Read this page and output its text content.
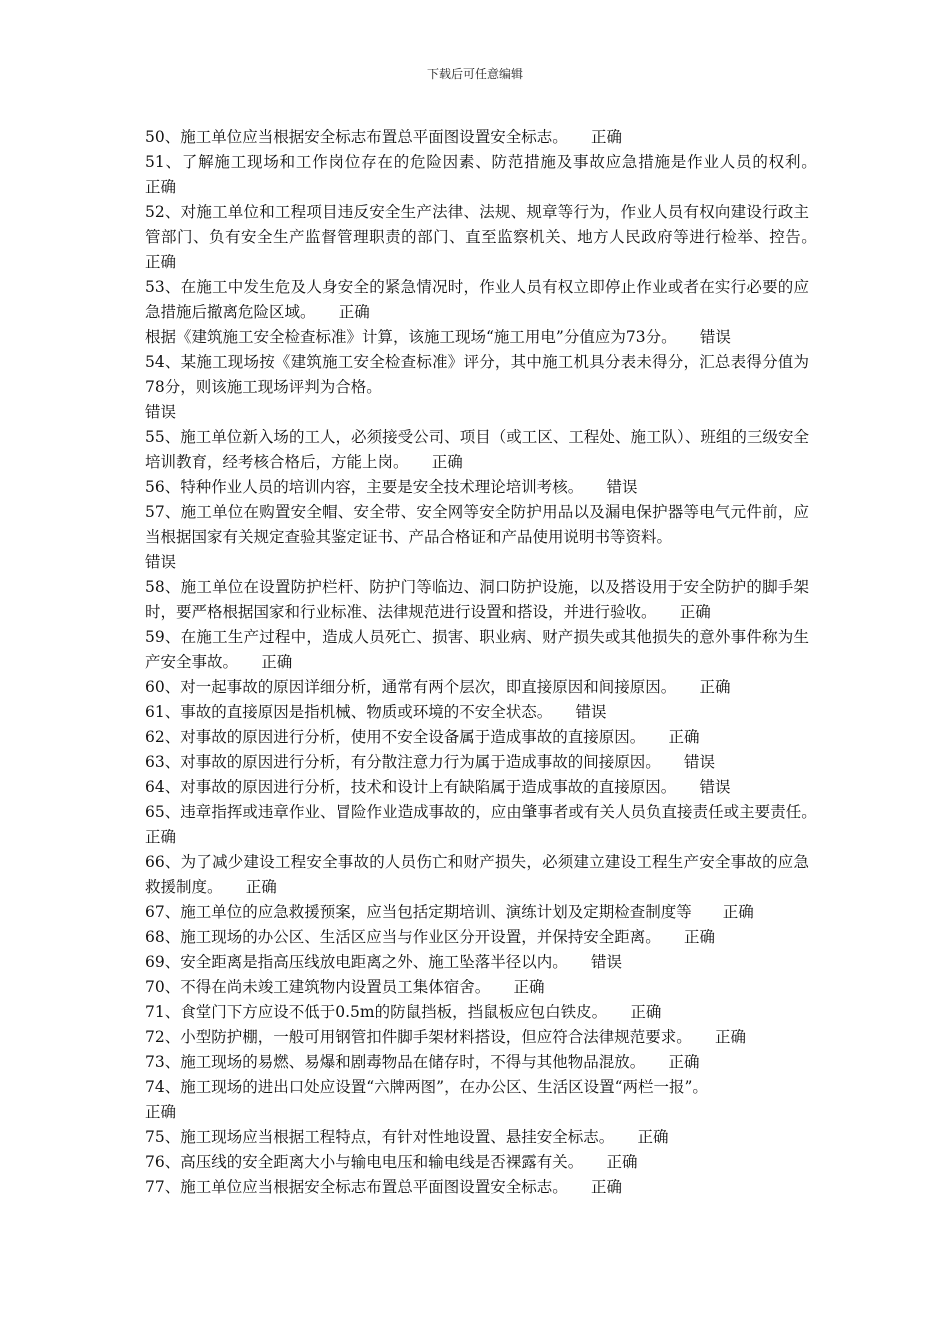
下载后可任意编辑
50、施工单位应当根据安全标志布置总平面图设置安全标志。　　 正确
51、了解施工现场和工作岗位存在的危险因素、防范措施及事故应急措施是作业人员的权利。　　正确
52、对施工单位和工程项目违反安全生产法律、法规、规章等行为，作业人员有权向建设行政主管部门、负有安全生产监督管理职责的部门、直至监察机关、地方人民政府等进行检举、控告。　　正确
53、在施工中发生危及人身安全的紧急情况时，作业人员有权立即停止作业或者在实行必要的应急措施后撤离危险区域。　　 正确
根据《建筑施工安全检查标准》计算，该施工现场“施工用电”分值应为73分。　　 错误
54、某施工现场按《建筑施工安全检查标准》评分，其中施工机具分表未得分，汇总表得分值为78分，则该施工现场评判为合格。
错误
55、施工单位新入场的工人，必须接受公司、项目（或工区、工程处、施工队）、班组的三级安全培训教育，经考核合格后，方能上岗。　　 正确
56、特种作业人员的培训内容，主要是安全技术理论培训考核。　　 错误
57、施工单位在购置安全帽、安全带、安全网等安全防护用品以及漏电保护器等电气元件前，应当根据国家有关规定查验其鉴定证书、产品合格证和产品使用说明书等资料。
错误
58、施工单位在设置防护栏杆、防护门等临边、洞口防护设施，以及搭设用于安全防护的脚手架时，要严格根据国家和行业标准、法律规范进行设置和搭设，并进行验收。　　 正确
59、在施工生产过程中，造成人员死亡、损害、职业病、财产损失或其他损失的意外事件称为生产安全事故。　　 正确
60、对一起事故的原因详细分析，通常有两个层次，即直接原因和间接原因。　　 正确
61、事故的直接原因是指机械、物质或环境的不安全状态。　　 错误
62、对事故的原因进行分析，使用不安全设备属于造成事故的直接原因。　　 正确
63、对事故的原因进行分析，有分散注意力行为属于造成事故的间接原因。　　 错误
64、对事故的原因进行分析，技术和设计上有缺陷属于造成事故的直接原因。　　 错误
65、违章指挥或违章作业、冒险作业造成事故的，应由肇事者或有关人员负直接责任或主要责任。　　正确
66、为了减少建设工程安全事故的人员伤亡和财产损失，必须建立建设工程生产安全事故的应急救援制度。　　 正确
67、施工单位的应急救援预案，应当包括定期培训、演练计划及定期检查制度等　　 正确
68、施工现场的办公区、生活区应当与作业区分开设置，并保持安全距离。　　 正确
69、安全距离是指高压线放电距离之外、施工坠落半径以内。　　 错误
70、不得在尚未竣工建筑物内设置员工集体宿舍。　　 正确
71、食堂门下方应设不低于0.5m的防鼠挡板，挡鼠板应包白铁皮。　　 正确
72、小型防护棚，一般可用钢管扣件脚手架材料搭设，但应符合法律规范要求。　　 正确
73、施工现场的易燃、易爆和剧毒物品在储存时，不得与其他物品混放。　　 正确
74、施工现场的进出口处应设置“六牌两图”，在办公区、生活区设置“两栏一报”。
正确
75、施工现场应当根据工程特点，有针对性地设置、悬挂安全标志。　　 正确
76、高压线的安全距离大小与输电电压和输电线是否裸露有关。　　 正确
77、施工单位应当根据安全标志布置总平面图设置安全标志。　　 正确
